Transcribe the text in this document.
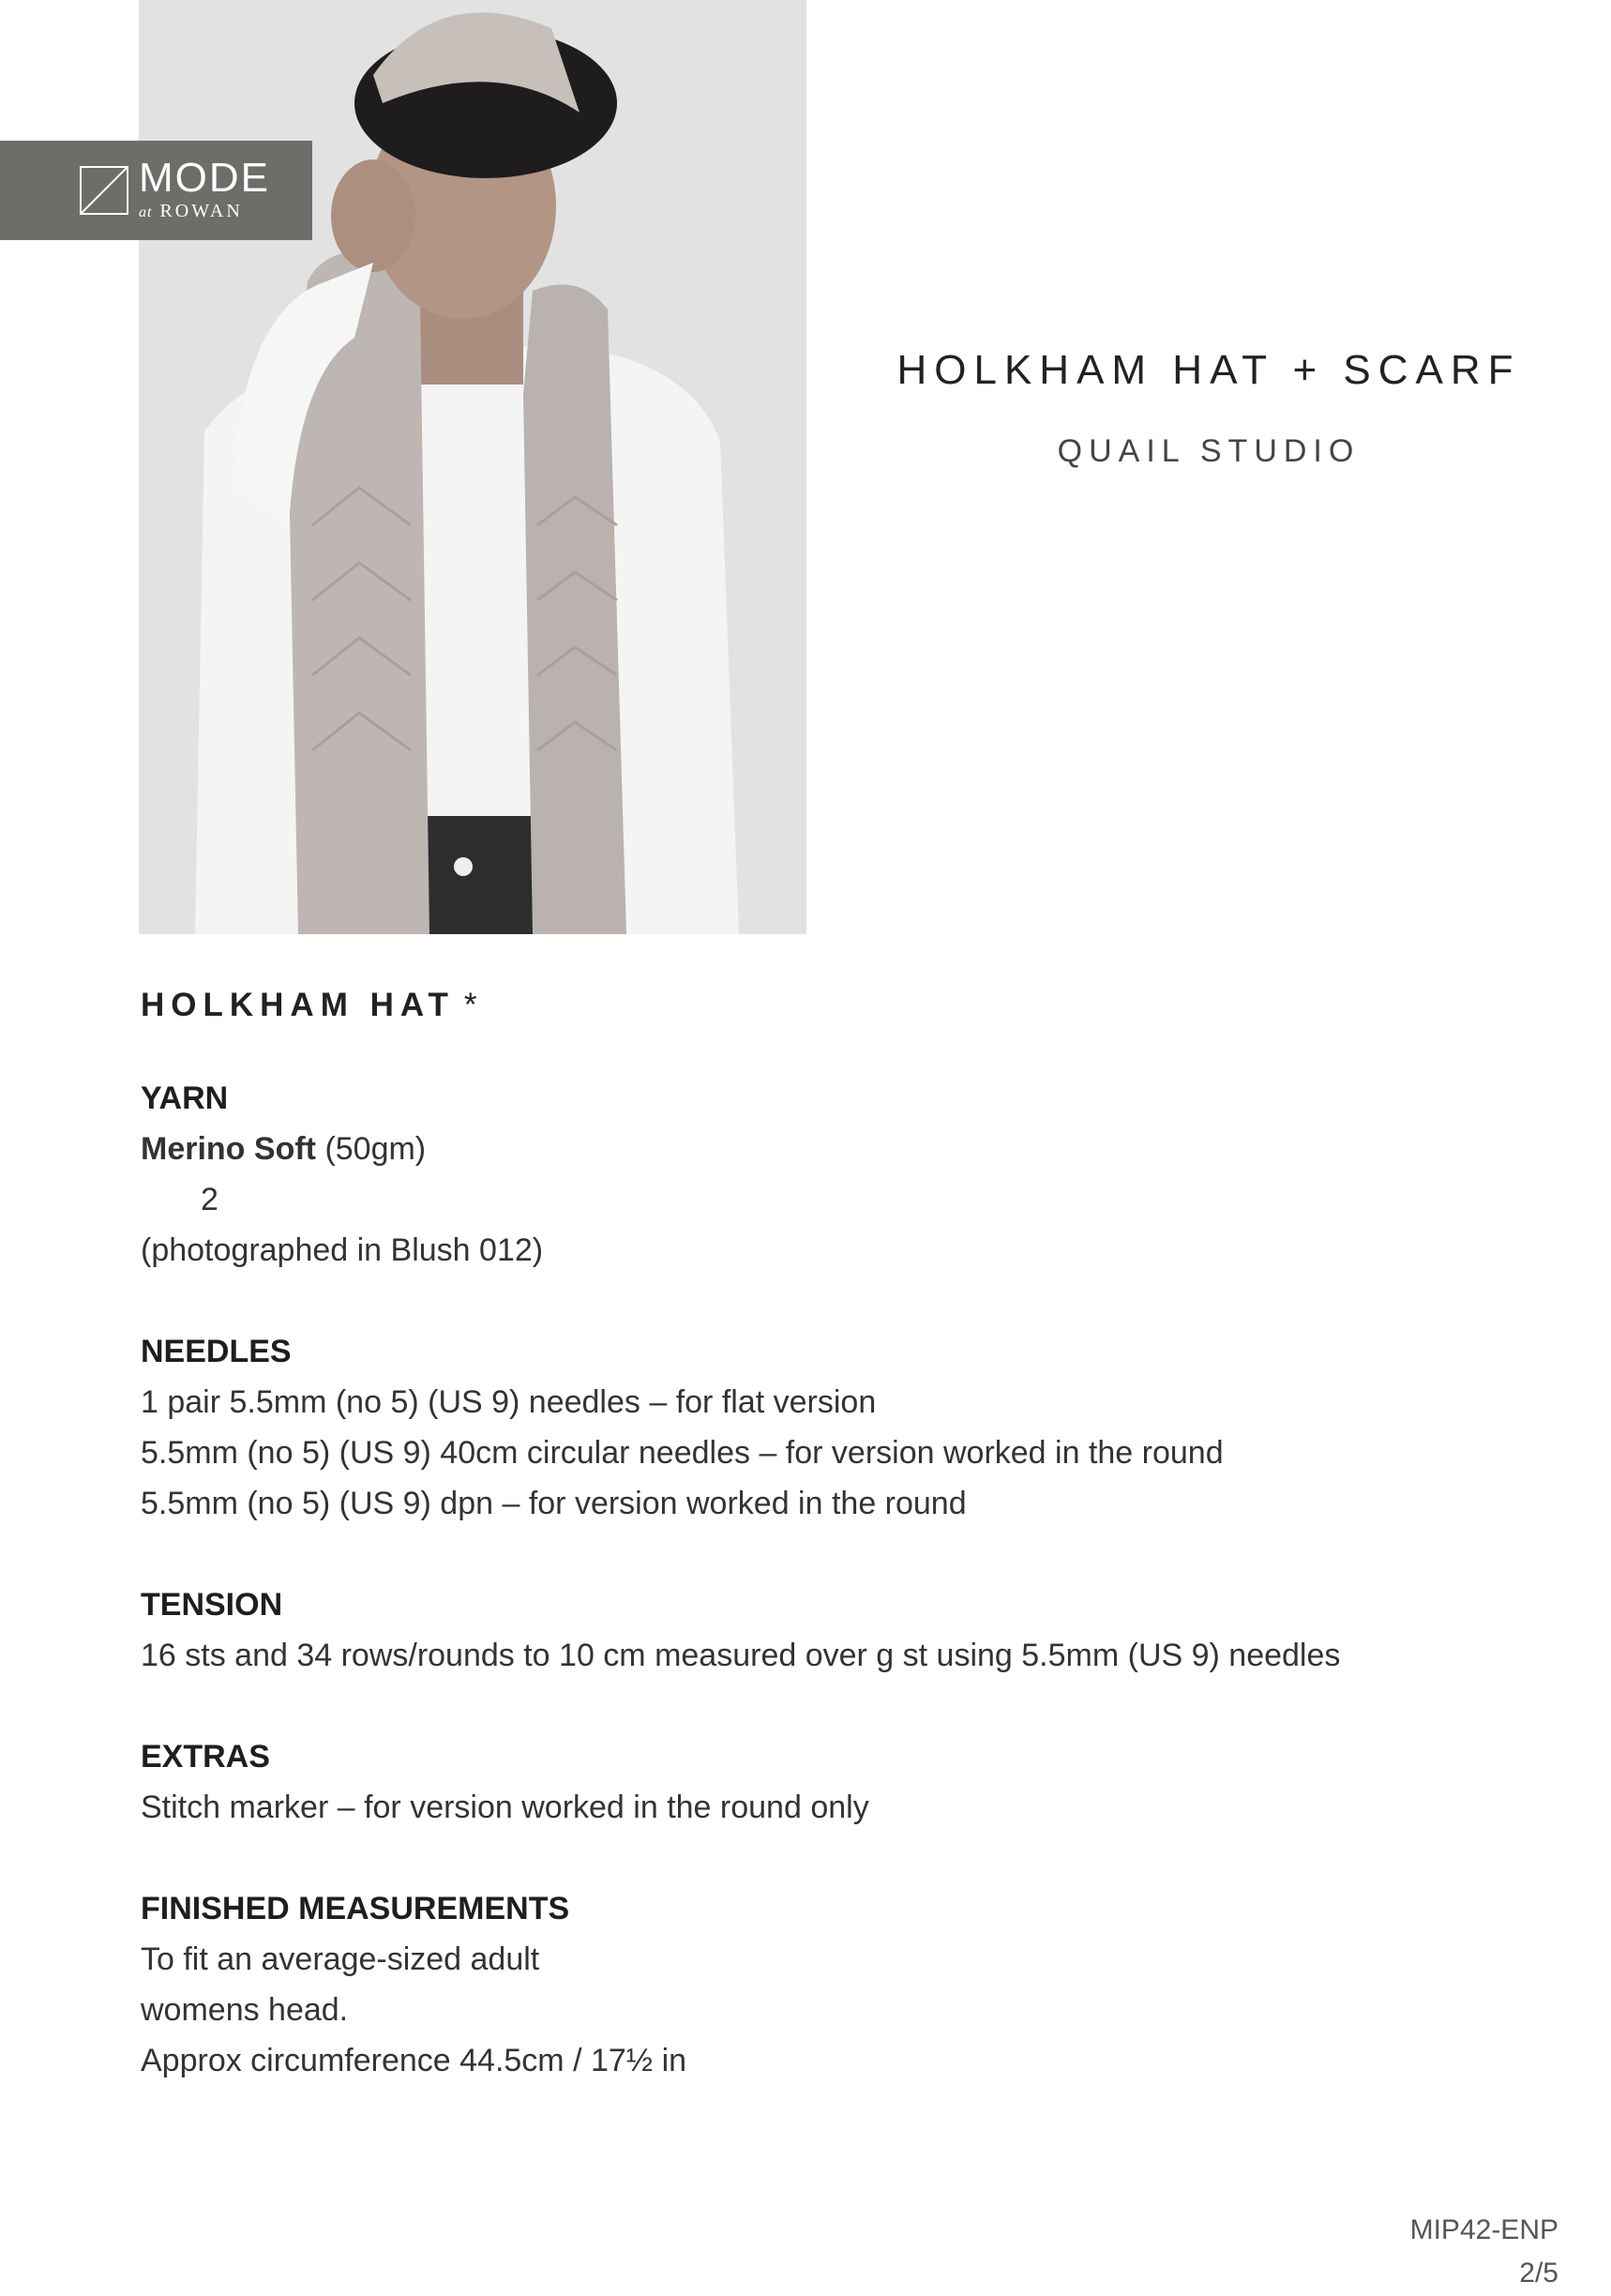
MODE
at ROWAN
HOLKHAM HAT + SCARF
QUAIL STUDIO
HOLKHAM HAT *
YARN
Merino Soft (50gm)
2
(photographed in Blush 012)
NEEDLES
1 pair 5.5mm (no 5) (US 9) needles – for flat version
5.5mm (no 5) (US 9) 40cm circular needles – for version worked in the round
5.5mm (no 5) (US 9) dpn – for version worked in the round
TENSION
16 sts and 34 rows/rounds to 10 cm measured over g st using 5.5mm (US 9) needles
EXTRAS
Stitch marker – for version worked in the round only
FINISHED MEASUREMENTS
To fit an average-sized adult
womens head.
Approx circumference 44.5cm / 17½ in
MIP42-ENP
2/5
